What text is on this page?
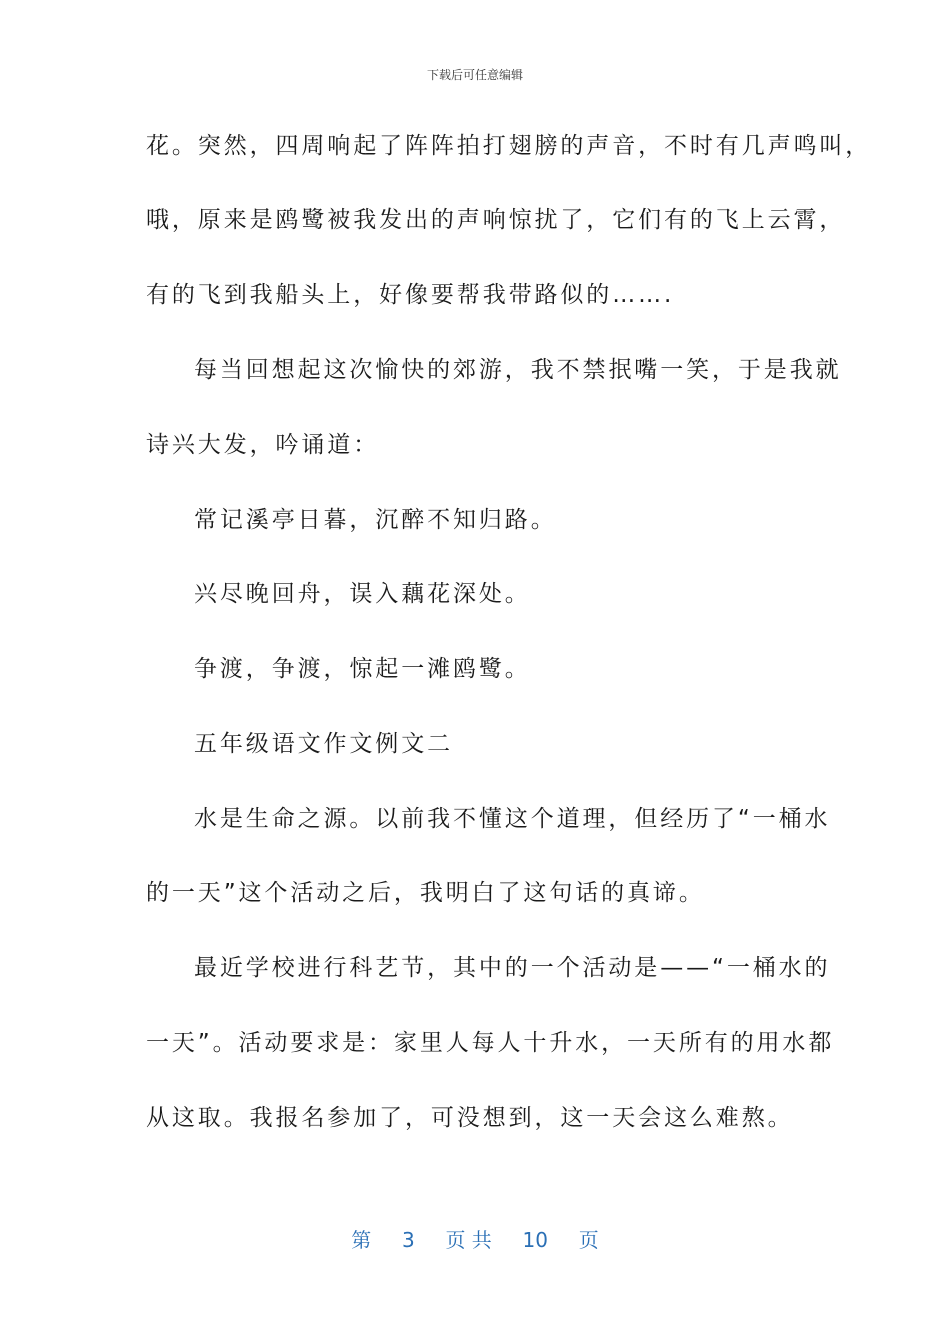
下载后可任意编辑
花。突然，四周响起了阵阵拍打翅膀的声音，不时有几声鸣叫，
哦，原来是鸥鹭被我发出的声响惊扰了，它们有的飞上云霄，
有的飞到我船头上，好像要帮我带路似的…….
每当回想起这次愉快的郊游，我不禁抿嘴一笑，于是我就
诗兴大发，吟诵道：
常记溪亭日暮，沉醉不知归路。
兴尽晚回舟，误入藕花深处。
争渡，争渡，惊起一滩鸥鹭。
五年级语文作文例文二
水是生命之源。以前我不懂这个道理，但经历了“一桶水
的一天”这个活动之后，我明白了这句话的真谛。
最近学校进行科艺节，其中的一个活动是——“一桶水的
一天”。活动要求是：家里人每人十升水，一天所有的用水都
从这取。我报名参加了，可没想到，这一天会这么难熬。
第 3 页 共 10 页
